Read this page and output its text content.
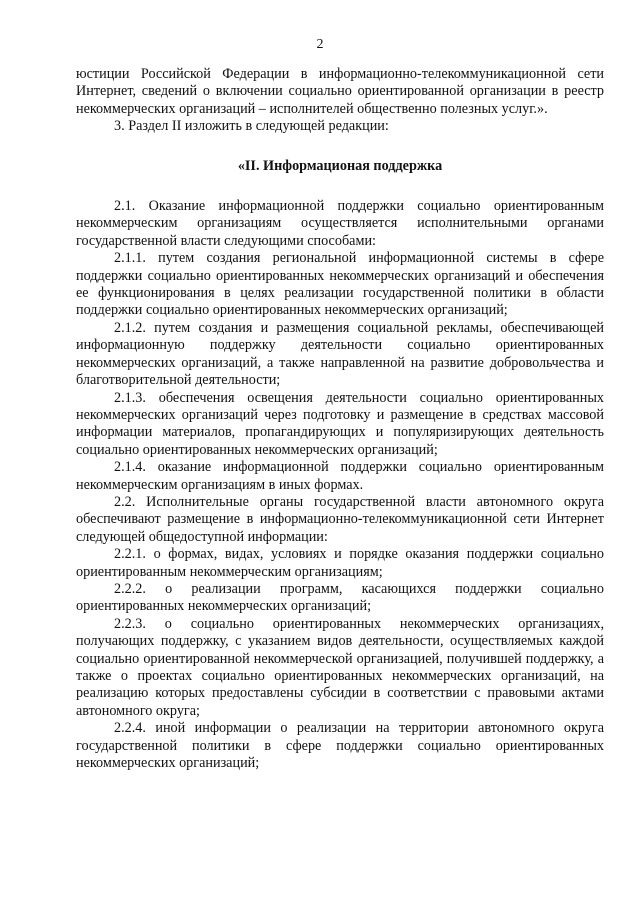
2

юстиции Российской Федерации в информационно-телекоммуникационной сети Интернет, сведений о включении социально ориентированной организации в реестр некоммерческих организаций – исполнителей общественно полезных услуг.».

3. Раздел II изложить в следующей редакции:

«II. Информационая поддержка

2.1. Оказание информационной поддержки социально ориентированным некоммерческим организациям осуществляется исполнительными органами государственной власти следующими способами:

2.1.1. путем создания региональной информационной системы в сфере поддержки социально ориентированных некоммерческих организаций и обеспечения ее функционирования в целях реализации государственной политики в области поддержки социально ориентированных некоммерческих организаций;

2.1.2. путем создания и размещения социальной рекламы, обеспечивающей информационную поддержку деятельности социально ориентированных некоммерческих организаций, а также направленной на развитие добровольчества и благотворительной деятельности;

2.1.3. обеспечения освещения деятельности социально ориентированных некоммерческих организаций через подготовку и размещение в средствах массовой информации материалов, пропагандирующих и популяризирующих деятельность социально ориентированных некоммерческих организаций;

2.1.4. оказание информационной поддержки социально ориентированным некоммерческим организациям в иных формах.

2.2. Исполнительные органы государственной власти автономного округа обеспечивают размещение в информационно-телекоммуникационной сети Интернет следующей общедоступной информации:

2.2.1. о формах, видах, условиях и порядке оказания поддержки социально ориентированным некоммерческим организациям;

2.2.2. о реализации программ, касающихся поддержки социально ориентированных некоммерческих организаций;

2.2.3. о социально ориентированных некоммерческих организациях, получающих поддержку, с указанием видов деятельности, осуществляемых каждой социально ориентированной некоммерческой организацией, получившей поддержку, а также о проектах социально ориентированных некоммерческих организаций, на реализацию которых предоставлены субсидии в соответствии с правовыми актами автономного округа;

2.2.4. иной информации о реализации на территории автономного округа государственной политики в сфере поддержки социально ориентированных некоммерческих организаций;
